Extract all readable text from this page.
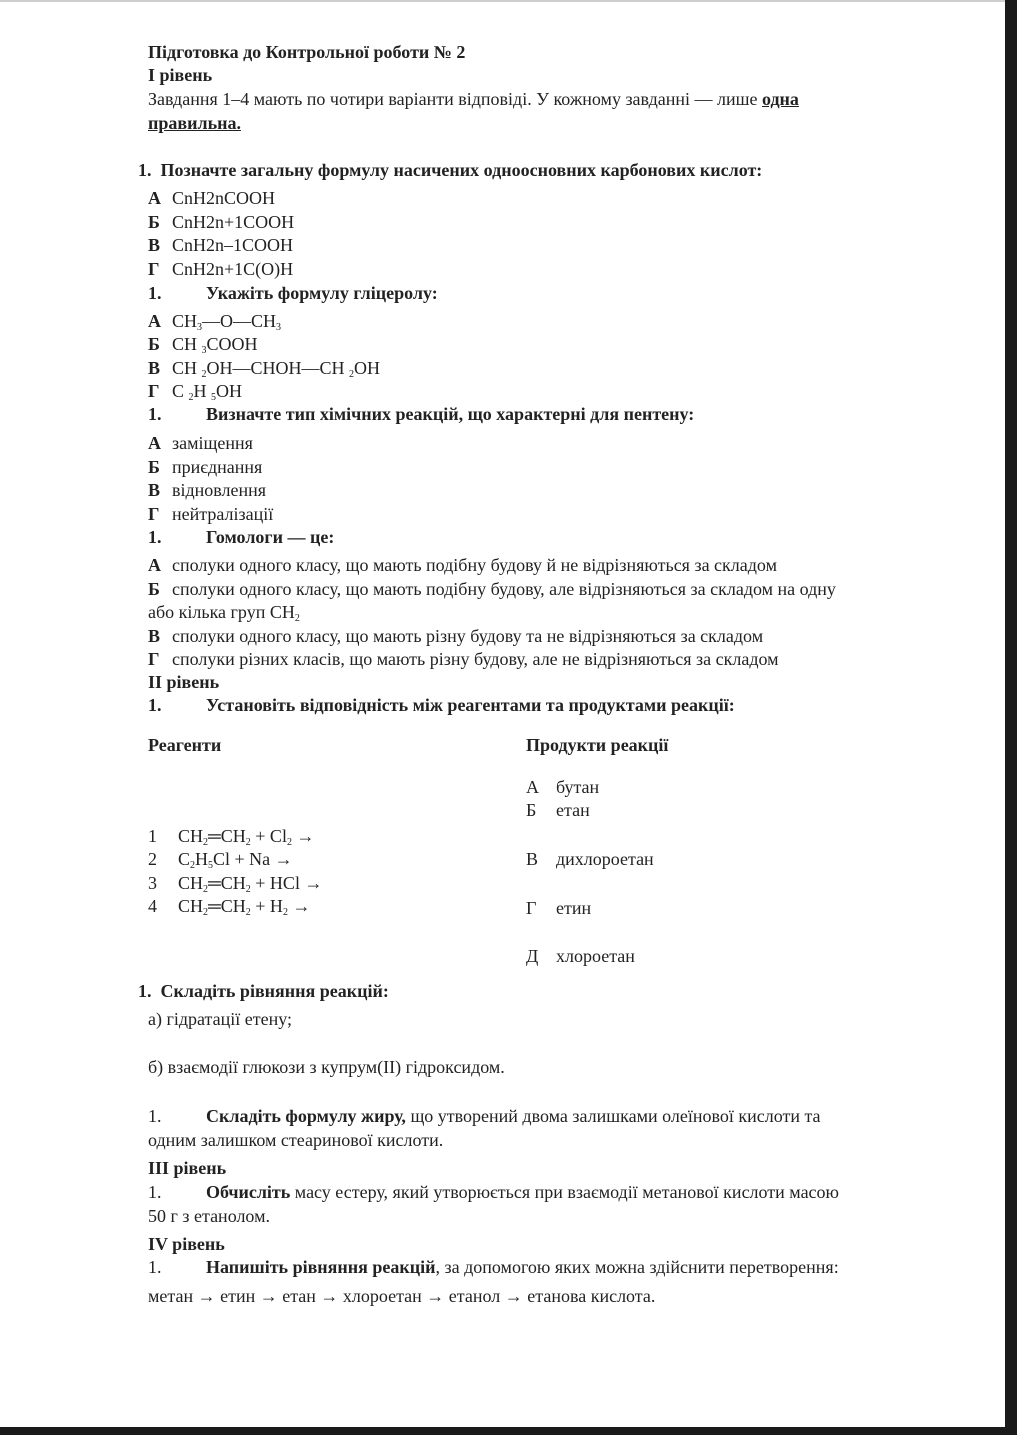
Підготовка до Контрольної роботи № 2
І рівень
Завдання 1–4 мають по чотири варіанти відповіді. У кожному завданні — лише одна
правильна.
1. Позначте загальну формулу насичених одноосновних карбонових кислот:
А CnH2nCOOH
Б CnH2n+1COOH
В CnH2n–1COOH
Г CnH2n+1C(O)H
1. Укажіть формулу гліцеролу:
А $CH_3—O—CH_3$
Б CH $_3$COOH
В CH $_2$OH—CHOH—CH $_2$OH
Г C $_2$H $_5$OH
1. Визначте тип хімічних реакцій, що характерні для пентену:
А заміщення
Б приєднання
В відновлення
Г нейтралізації
1. Гомологи — це:
А сполуки одного класу, що мають подібну будову й не відрізняються за складом
Б сполуки одного класу, що мають подібну будову, але відрізняються за складом на одну
або кілька груп $CH_2$
В сполуки одного класу, що мають різну будову та не відрізняються за складом
Г сполуки різних класів, що мають різну будову, але не відрізняються за складом
ІІ рівень
1. Установіть відповідність між реагентами та продуктами реакції:
Реагенти	Продукти реакції
А бутан
Б етан
В дихлороетан
Г етин
Д хлороетан
1 $CH_2═CH_2 + Cl_2$ →
2 $C_2H_5Cl + Na$ →
3 $CH_2═CH_2$ + HCl →
4 $CH_2═CH_2 + H_2$ →
1. Складіть рівняння реакцій:
а) гідратації етену;
б) взаємодії глюкози з купрум(ІІ) гідроксидом.
1. Складіть формулу жиру, що утворений двома залишками олеїнової кислоти та
одним залишком стеаринової кислоти.
ІІІ рівень
1. Обчисліть масу естеру, який утворюється при взаємодії метанової кислоти масою
50 г з етанолом.
IV рівень
1. Напишіть рівняння реакцій, за допомогою яких можна здійснити перетворення:
метан → етин → етан → хлороетан → етанол → етанова кислота.
